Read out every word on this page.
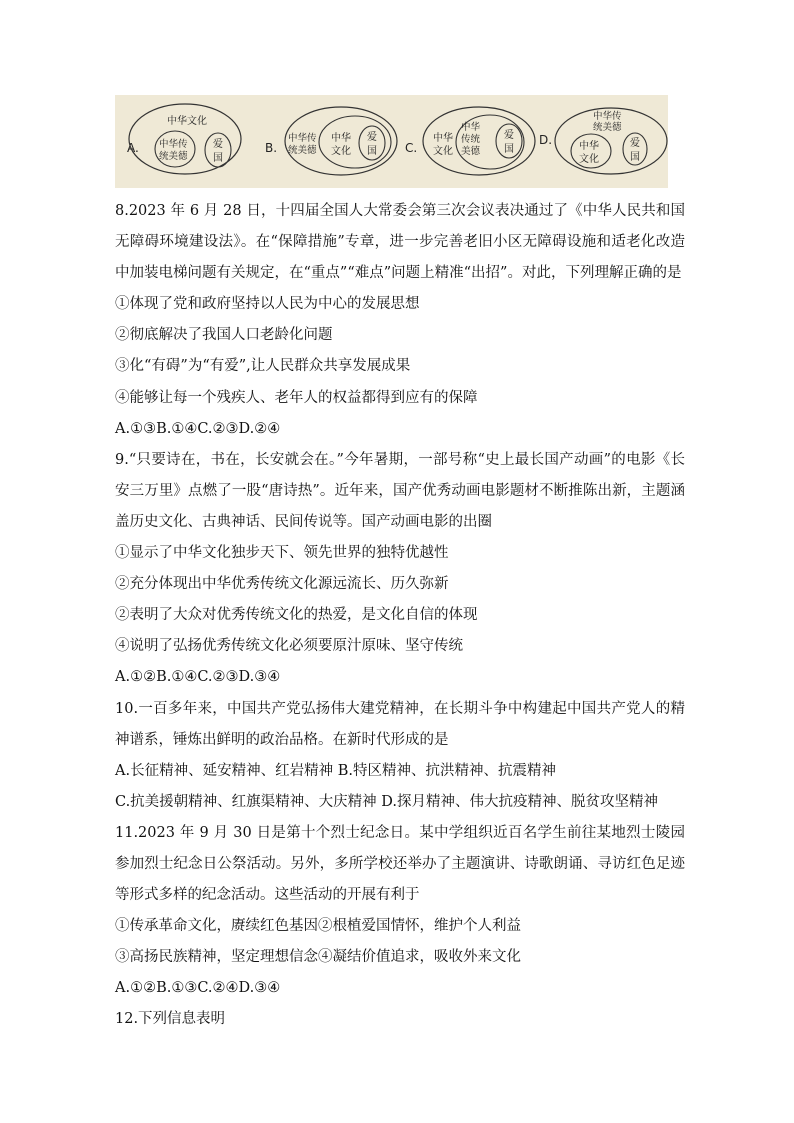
A.
中华文化
中华传
统美德
爱
国
B.
中华传
统美德
中华
文化
爱
国 C.
中华
文化
中华
传统
美德
爱
国
D.
中华传
统美德
中华
文化
爱
国

8.2023 年 6 月 28 日，十四届全国人大常委会第三次会议表决通过了《中华人民共和国无障碍环境建设法》。在“保障措施”专章，进一步完善老旧小区无障碍设施和适老化改造中加装电梯问题有关规定，在“重点”“难点”问题上精准“出招”。对此，下列理解正确的是

①体现了党和政府坚持以人民为中心的发展思想

②彻底解决了我国人口老龄化问题

③化“有碍”为“有爱”,让人民群众共享发展成果

④能够让每一个残疾人、老年人的权益都得到应有的保障

A.①③B.①④C.②③D.②④

9.“只要诗在，书在，长安就会在。”今年暑期，一部号称“史上最长国产动画”的电影《长安三万里》点燃了一股“唐诗热”。近年来，国产优秀动画电影题材不断推陈出新，主题涵盖历史文化、古典神话、民间传说等。国产动画电影的出圈

①显示了中华文化独步天下、领先世界的独特优越性

②充分体现出中华优秀传统文化源远流长、历久弥新

②表明了大众对优秀传统文化的热爱，是文化自信的体现

④说明了弘扬优秀传统文化必须要原汁原味、坚守传统

A.①②B.①④C.②③D.③④

10.一百多年来，中国共产党弘扬伟大建党精神，在长期斗争中构建起中国共产党人的精神谱系，锤炼出鲜明的政治品格。在新时代形成的是

A.长征精神、延安精神、红岩精神 B.特区精神、抗洪精神、抗震精神

C.抗美援朝精神、红旗渠精神、大庆精神 D.探月精神、伟大抗疫精神、脱贫攻坚精神

11.2023 年 9 月 30 日是第十个烈士纪念日。某中学组织近百名学生前往某地烈士陵园参加烈士纪念日公祭活动。另外，多所学校还举办了主题演讲、诗歌朗诵、寻访红色足迹等形式多样的纪念活动。这些活动的开展有利于

①传承革命文化，赓续红色基因②根植爱国情怀，维护个人利益

③高扬民族精神，坚定理想信念④凝结价值追求，吸收外来文化

A.①②B.①③C.②④D.③④

12.下列信息表明
